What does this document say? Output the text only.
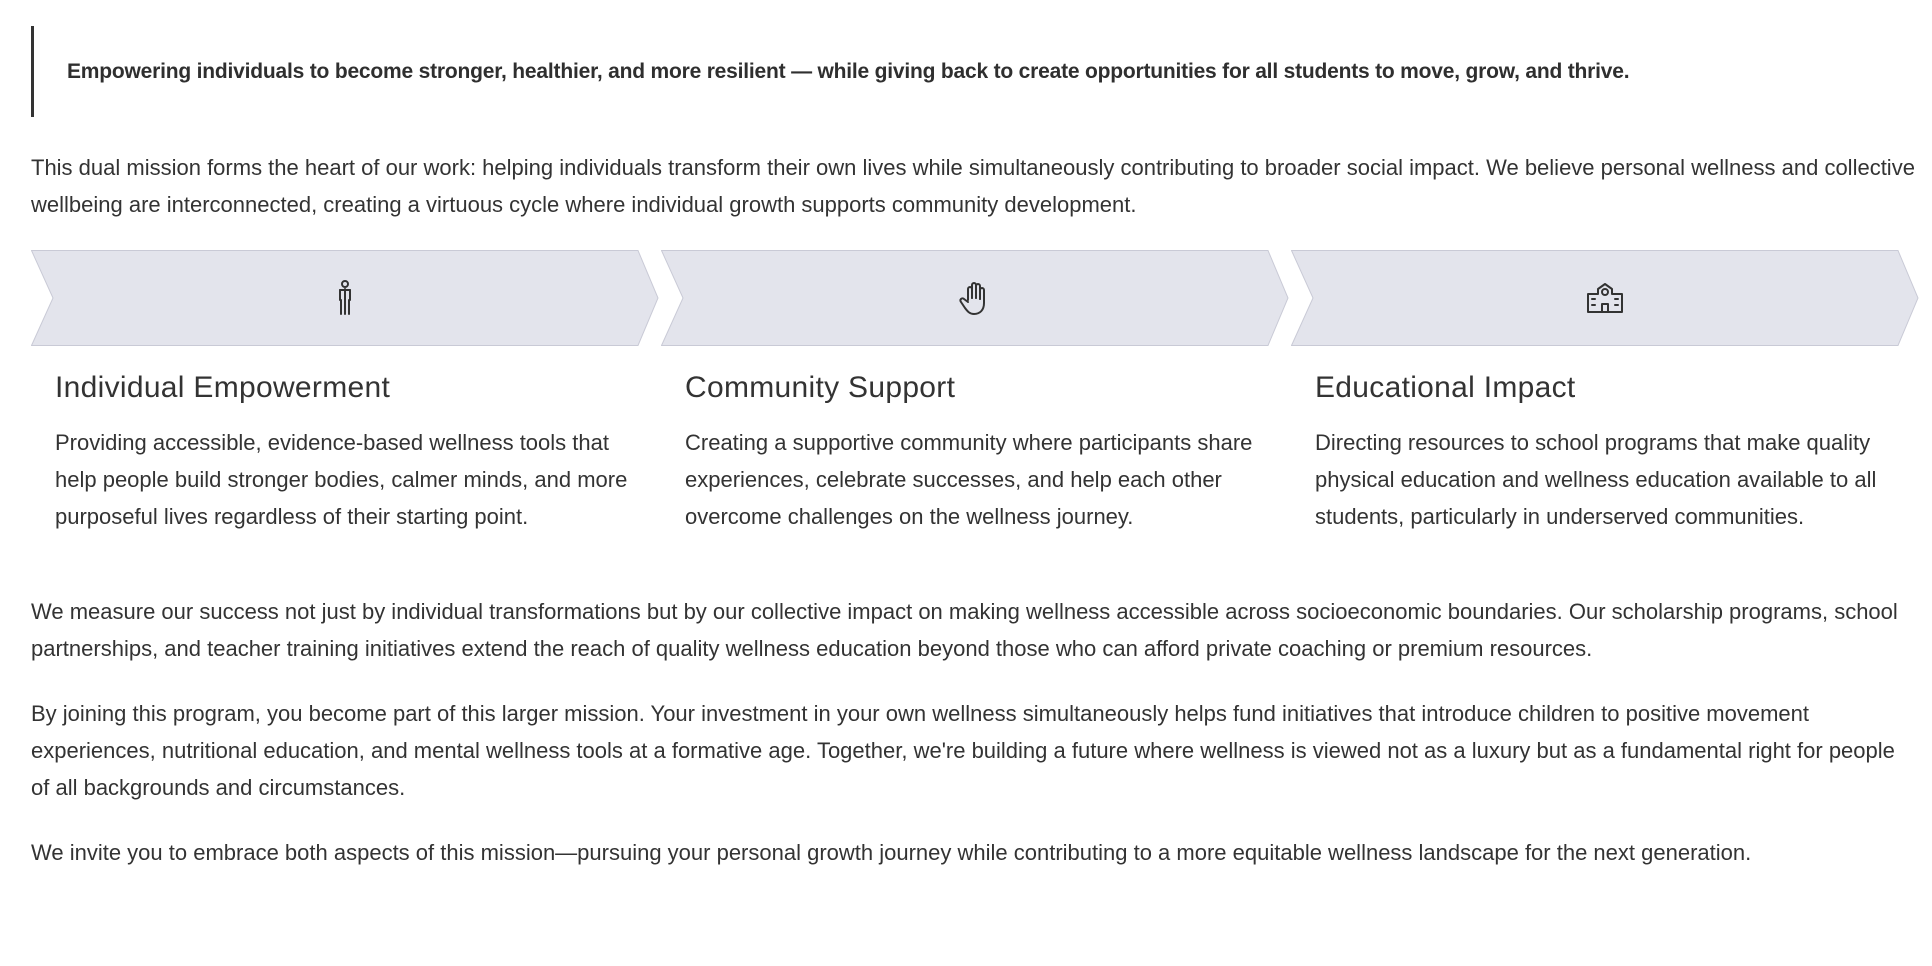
Empowering individuals to become stronger, healthier, and more resilient — while giving back to create opportunities for all students to move, grow, and thrive.

This dual mission forms the heart of our work: helping individuals transform their own lives while simultaneously contributing to broader social impact. We believe personal wellness and collective wellbeing are interconnected, creating a virtuous cycle where individual growth supports community development.

Individual Empowerment

Providing accessible, evidence-based wellness tools that help people build stronger bodies, calmer minds, and more purposeful lives regardless of their starting point.

Community Support

Creating a supportive community where participants share experiences, celebrate successes, and help each other overcome challenges on the wellness journey.

Educational Impact

Directing resources to school programs that make quality physical education and wellness education available to all students, particularly in underserved communities.

We measure our success not just by individual transformations but by our collective impact on making wellness accessible across socioeconomic boundaries. Our scholarship programs, school partnerships, and teacher training initiatives extend the reach of quality wellness education beyond those who can afford private coaching or premium resources.

By joining this program, you become part of this larger mission. Your investment in your own wellness simultaneously helps fund initiatives that introduce children to positive movement experiences, nutritional education, and mental wellness tools at a formative age. Together, we're building a future where wellness is viewed not as a luxury but as a fundamental right for people of all backgrounds and circumstances.

We invite you to embrace both aspects of this mission—pursuing your personal growth journey while contributing to a more equitable wellness landscape for the next generation.
